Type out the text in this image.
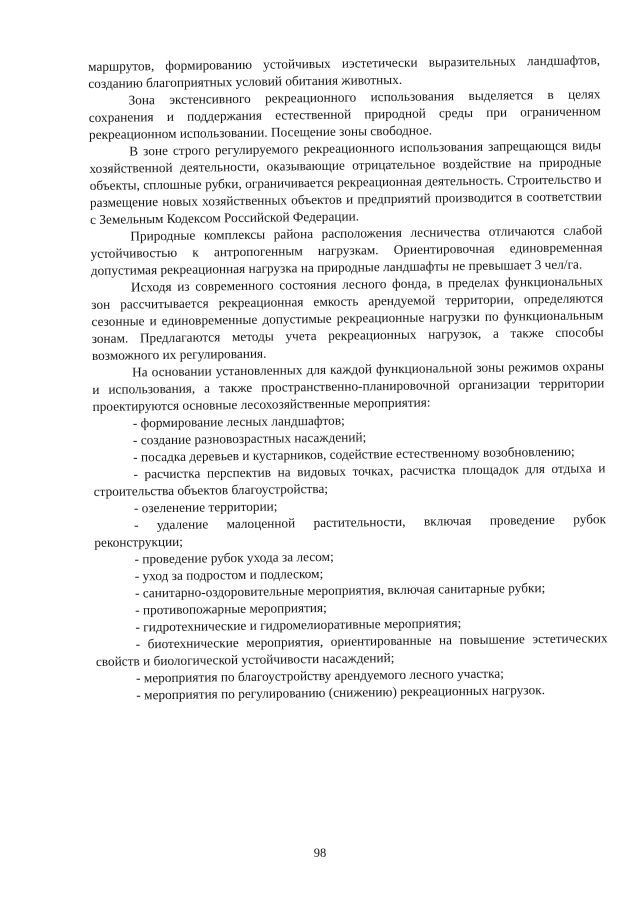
маршрутов, формированию устойчивых иэстетически выразительных ландшафтов, созданию благоприятных условий обитания животных.

Зона экстенсивного рекреационного использования выделяется в целях сохранения и поддержания естественной природной среды при ограниченном рекреационном использовании. Посещение зоны свободное.

В зоне строго регулируемого рекреационного использования запрещающся виды хозяйственной деятельности, оказывающие отрицательное воздействие на природные объекты, сплошные рубки, ограничивается рекреационная деятельность. Строительство и размещение новых хозяйственных объектов и предприятий производится в соответствии с Земельным Кодексом Российской Федерации.

Природные комплексы района расположения лесничества отличаются слабой устойчивостью к антропогенным нагрузкам. Ориентировочная единовременная допустимая рекреационная нагрузка на природные ландшафты не превышает 3 чел/га.

Исходя из современного состояния лесного фонда, в пределах функциональных зон рассчитывается рекреационная емкость арендуемой территории, определяются сезонные и единовременные допустимые рекреационные нагрузки по функциональным зонам. Предлагаются методы учета рекреационных нагрузок, а также способы возможного их регулирования.

На основании установленных для каждой функциональной зоны режимов охраны и использования, а также пространственно-планировочной организации территории проектируются основные лесохозяйственные мероприятия:

- формирование лесных ландшафтов;

- создание разновозрастных насаждений;

- посадка деревьев и кустарников, содействие естественному возобновлению;

- расчистка перспектив на видовых точках, расчистка площадок для отдыха и строительства объектов благоустройства;

- озеленение территории;

- удаление малоценной растительности, включая проведение рубок реконструкции;

- проведение рубок ухода за лесом;

- уход за подростом и подлеском;

- санитарно-оздоровительные мероприятия, включая санитарные рубки;

- противопожарные мероприятия;

- гидротехнические и гидромелиоративные мероприятия;

- биотехнические мероприятия, ориентированные на повышение эстетических свойств и биологической устойчивости насаждений;

- мероприятия по благоустройству арендуемого лесного участка;

- мероприятия по регулированию (снижению) рекреационных нагрузок.

98
